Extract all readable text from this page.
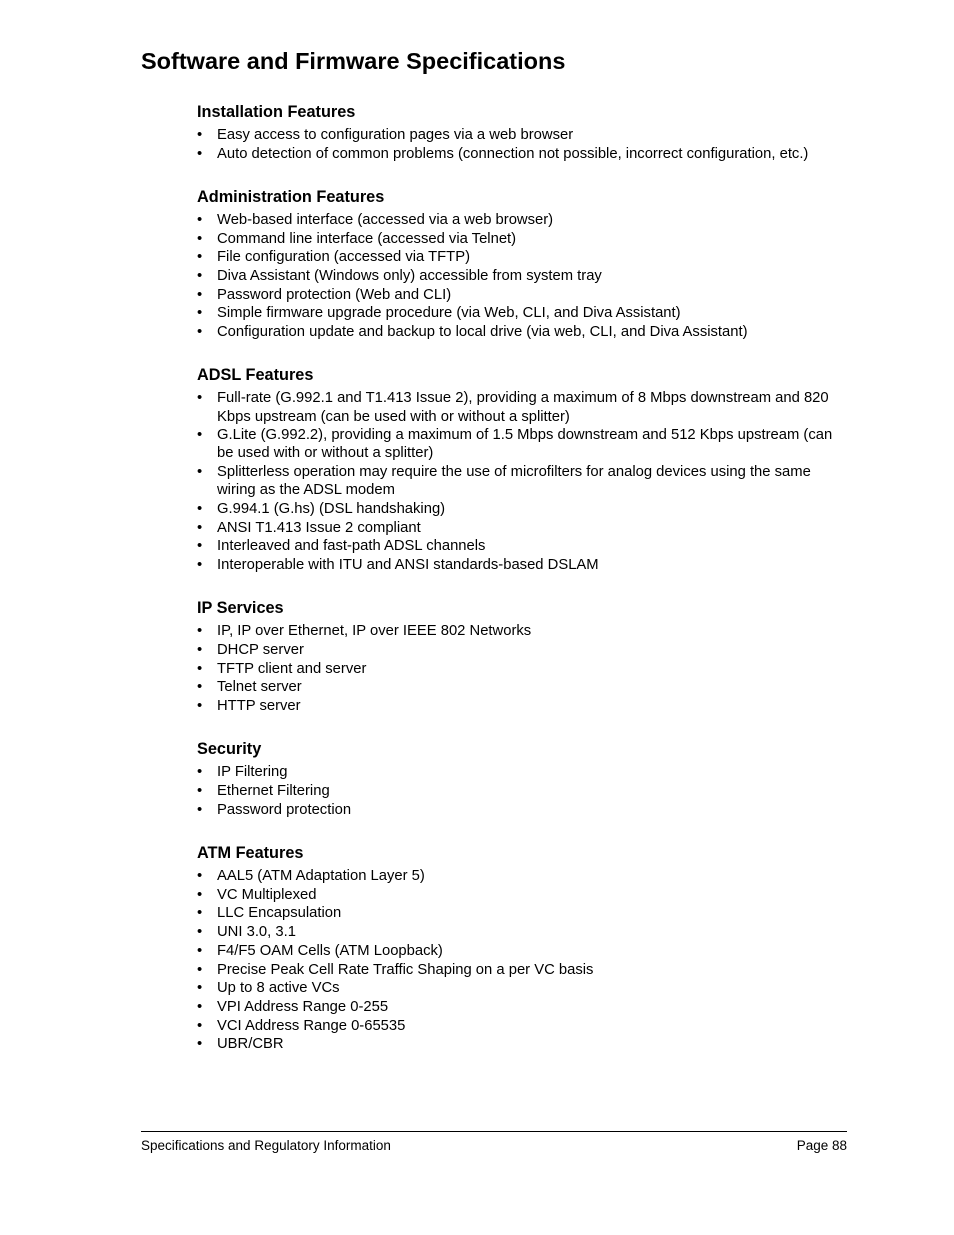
Software and Firmware Specifications
Installation Features
• Easy access to configuration pages via a web browser
• Auto detection of common problems (connection not possible, incorrect configuration, etc.)
Administration Features
• Web-based interface (accessed via a web browser)
• Command line interface (accessed via Telnet)
• File configuration (accessed via TFTP)
• Diva Assistant (Windows only) accessible from system tray
• Password protection (Web and CLI)
• Simple firmware upgrade procedure (via Web, CLI, and Diva Assistant)
• Configuration update and backup to local drive (via web, CLI, and Diva Assistant)
ADSL Features
• Full-rate (G.992.1 and T1.413 Issue 2), providing a maximum of 8 Mbps downstream and 820 Kbps upstream (can be used with or without a splitter)
• G.Lite (G.992.2), providing a maximum of 1.5 Mbps downstream and 512 Kbps upstream (can be used with or without a splitter)
• Splitterless operation may require the use of microfilters for analog devices using the same wiring as the ADSL modem
• G.994.1 (G.hs) (DSL handshaking)
• ANSI T1.413 Issue 2 compliant
• Interleaved and fast-path ADSL channels
• Interoperable with ITU and ANSI standards-based DSLAM
IP Services
• IP, IP over Ethernet, IP over IEEE 802 Networks
• DHCP server
• TFTP client and server
• Telnet server
• HTTP server
Security
• IP Filtering
• Ethernet Filtering
• Password protection
ATM Features
• AAL5 (ATM Adaptation Layer 5)
• VC Multiplexed
• LLC Encapsulation
• UNI 3.0, 3.1
• F4/F5 OAM Cells (ATM Loopback)
• Precise Peak Cell Rate Traffic Shaping on a per VC basis
• Up to 8 active VCs
• VPI Address Range 0-255
• VCI Address Range 0-65535
• UBR/CBR
Specifications and Regulatory Information	Page 88
